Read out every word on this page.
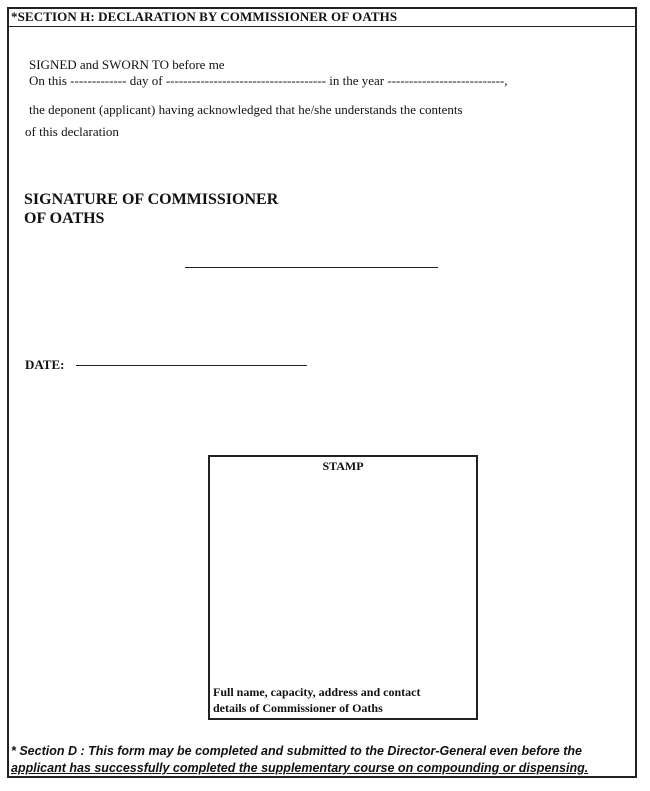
*SECTION H: DECLARATION BY COMMISSIONER OF OATHS
SIGNED and SWORN TO before me
On this ------------- day of ------------------------------------- in the year ---------------------------,
the deponent (applicant) having acknowledged that he/she understands the contents
of this declaration
SIGNATURE OF COMMISSIONER
OF OATHS
DATE:
STAMP
Full name, capacity, address and contact
details of Commissioner of Oaths
* Section D : This form may be completed and submitted to the Director-General even before the
applicant has successfully completed the supplementary course on compounding or dispensing.
